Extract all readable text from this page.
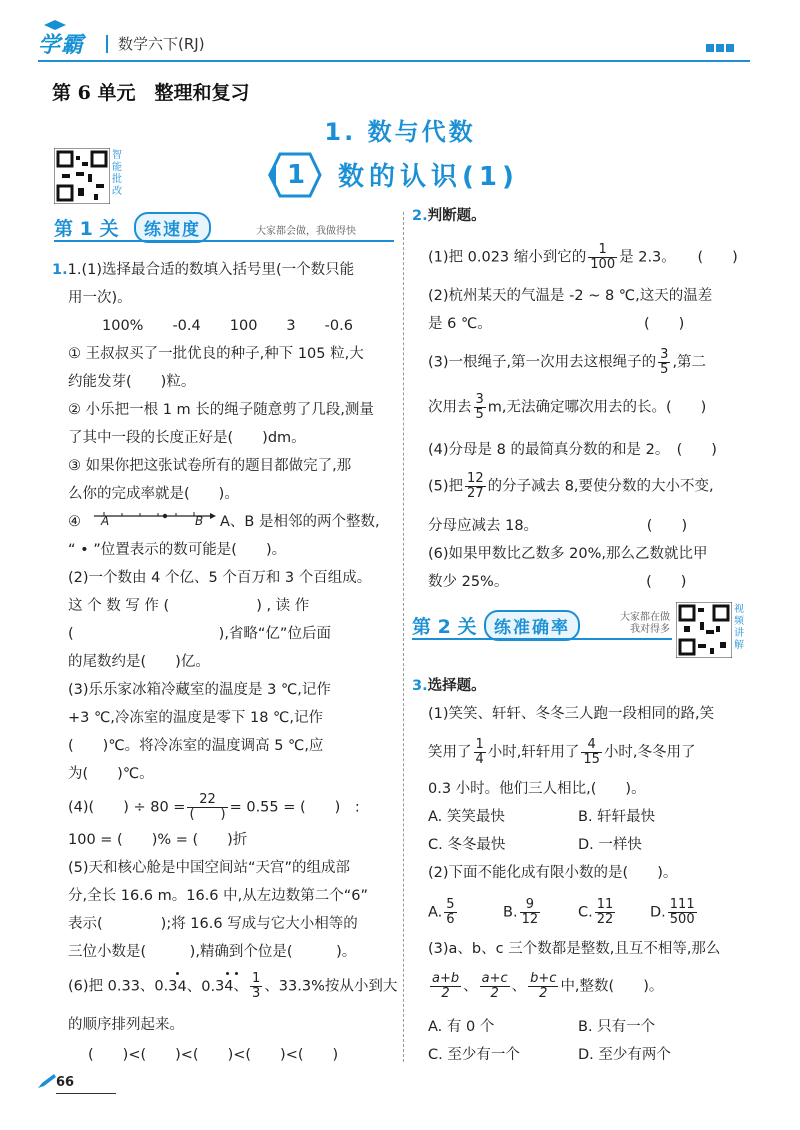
学霸 数学六下(RJ)
第 6 单元　整理和复习
1. 数与代数
智能批改
1 数的认识(1)
第 1 关	练速度	大家都会做，我做得快
1.1.(1)选择最合适的数填入括号里(一个数只能
用一次)。
100%　　-0.4　　100　　3　　-0.6
① 王叔叔买了一批优良的种子,种下 105 粒,大
约能发芽(　　)粒。
② 小乐把一根 1 m 长的绳子随意剪了几段,测量
了其中一段的长度正好是(　　)dm。
③ 如果你把这张试卷所有的题目都做完了,那
么你的完成率就是(　　)。
④ A	B A、B 是相邻的两个整数,
“ • ”位置表示的数可能是(　　)。
(2)一个数由 4 个亿、5 个百万和 3 个百组成。
这 个 数 写 作 (　　　　　　) , 读 作
(　　　　　　　　　　),省略“亿”位后面
的尾数约是(　　)亿。
(3)乐乐家冰箱冷藏室的温度是 3 ℃,记作
+3 ℃,冷冻室的温度是零下 18 ℃,记作
(　　)℃。将冷冻室的温度调高 5 ℃,应
为(　　)℃。
(4)(　　) ÷ $80 = \frac{22}{( )} = 0.55$ = (　　)　:
100 = (　　)% = (　　)折
(5)天和核心舱是中国空间站“天宫”的组成部
分,全长 16.6 m。16.6 中,从左边数第二个“6”
表示(　　　　);将 16.6 写成与它大小相等的
三位小数是(　　　),精确到个位是(　　　)。
(6)把 0.33、0.34、0.34、 $\frac{1}{3}$ 、33.3%按从小到大
的顺序排列起来。
(　　)<(　　)<(　　)<(　　)<(　　)
2.判断题。
(1)把 0.023 缩小到它的 $\frac{1}{100}$ 是 2.3。　　(　　)
(2)杭州某天的气温是 -2 ~ 8 ℃,这天的温差
是 6 ℃。　　　　　　　　　　　(　　)
(3)一根绳子,第一次用去这根绳子的 $\frac{3}{5}$ ,第二
次用去 $\frac{3}{5} m$,无法确定哪次用去的长。(　　)
(4)分母是 8 的最简真分数的和是 2。　(　　)
(5)把 $\frac{12}{27}$ 的分子减去 8,要使分数的大小不变,
分母应减去 18。　　　　　　　　(　　)
(6)如果甲数比乙数多 20%,那么乙数就比甲
数少 25%。　　　　　　　　　　(　　)
第 2 关	练准确率
大家都在做
我对得多
视频讲解
3.选择题。
(1)笑笑、轩轩、冬冬三人跑一段相同的路,笑
笑用了 $\frac{1}{4}$ 小时,轩轩用了 $\frac{4}{15}$ 小时,冬冬用了
0.3 小时。他们三人相比,(　　)。
A. 笑笑最快	B. 轩轩最快
C. 冬冬最快	D. 一样快
(2)下面不能化成有限小数的是(　　)。
A. $\frac{5}{6}$	B. $\frac{9}{12}$	C. $\frac{11}{22} D$. $\frac{111}{500}$
(3)a、b、c 三个数都是整数,且互不相等,那么
$\frac{a+b}{2}$ 、 $\frac{a+c}{2}$ 、 $\frac{b+c}{2}$ 中,整数(　　)。
A. 有 0 个	B. 只有一个
C. 至少有一个	D. 至少有两个
66
